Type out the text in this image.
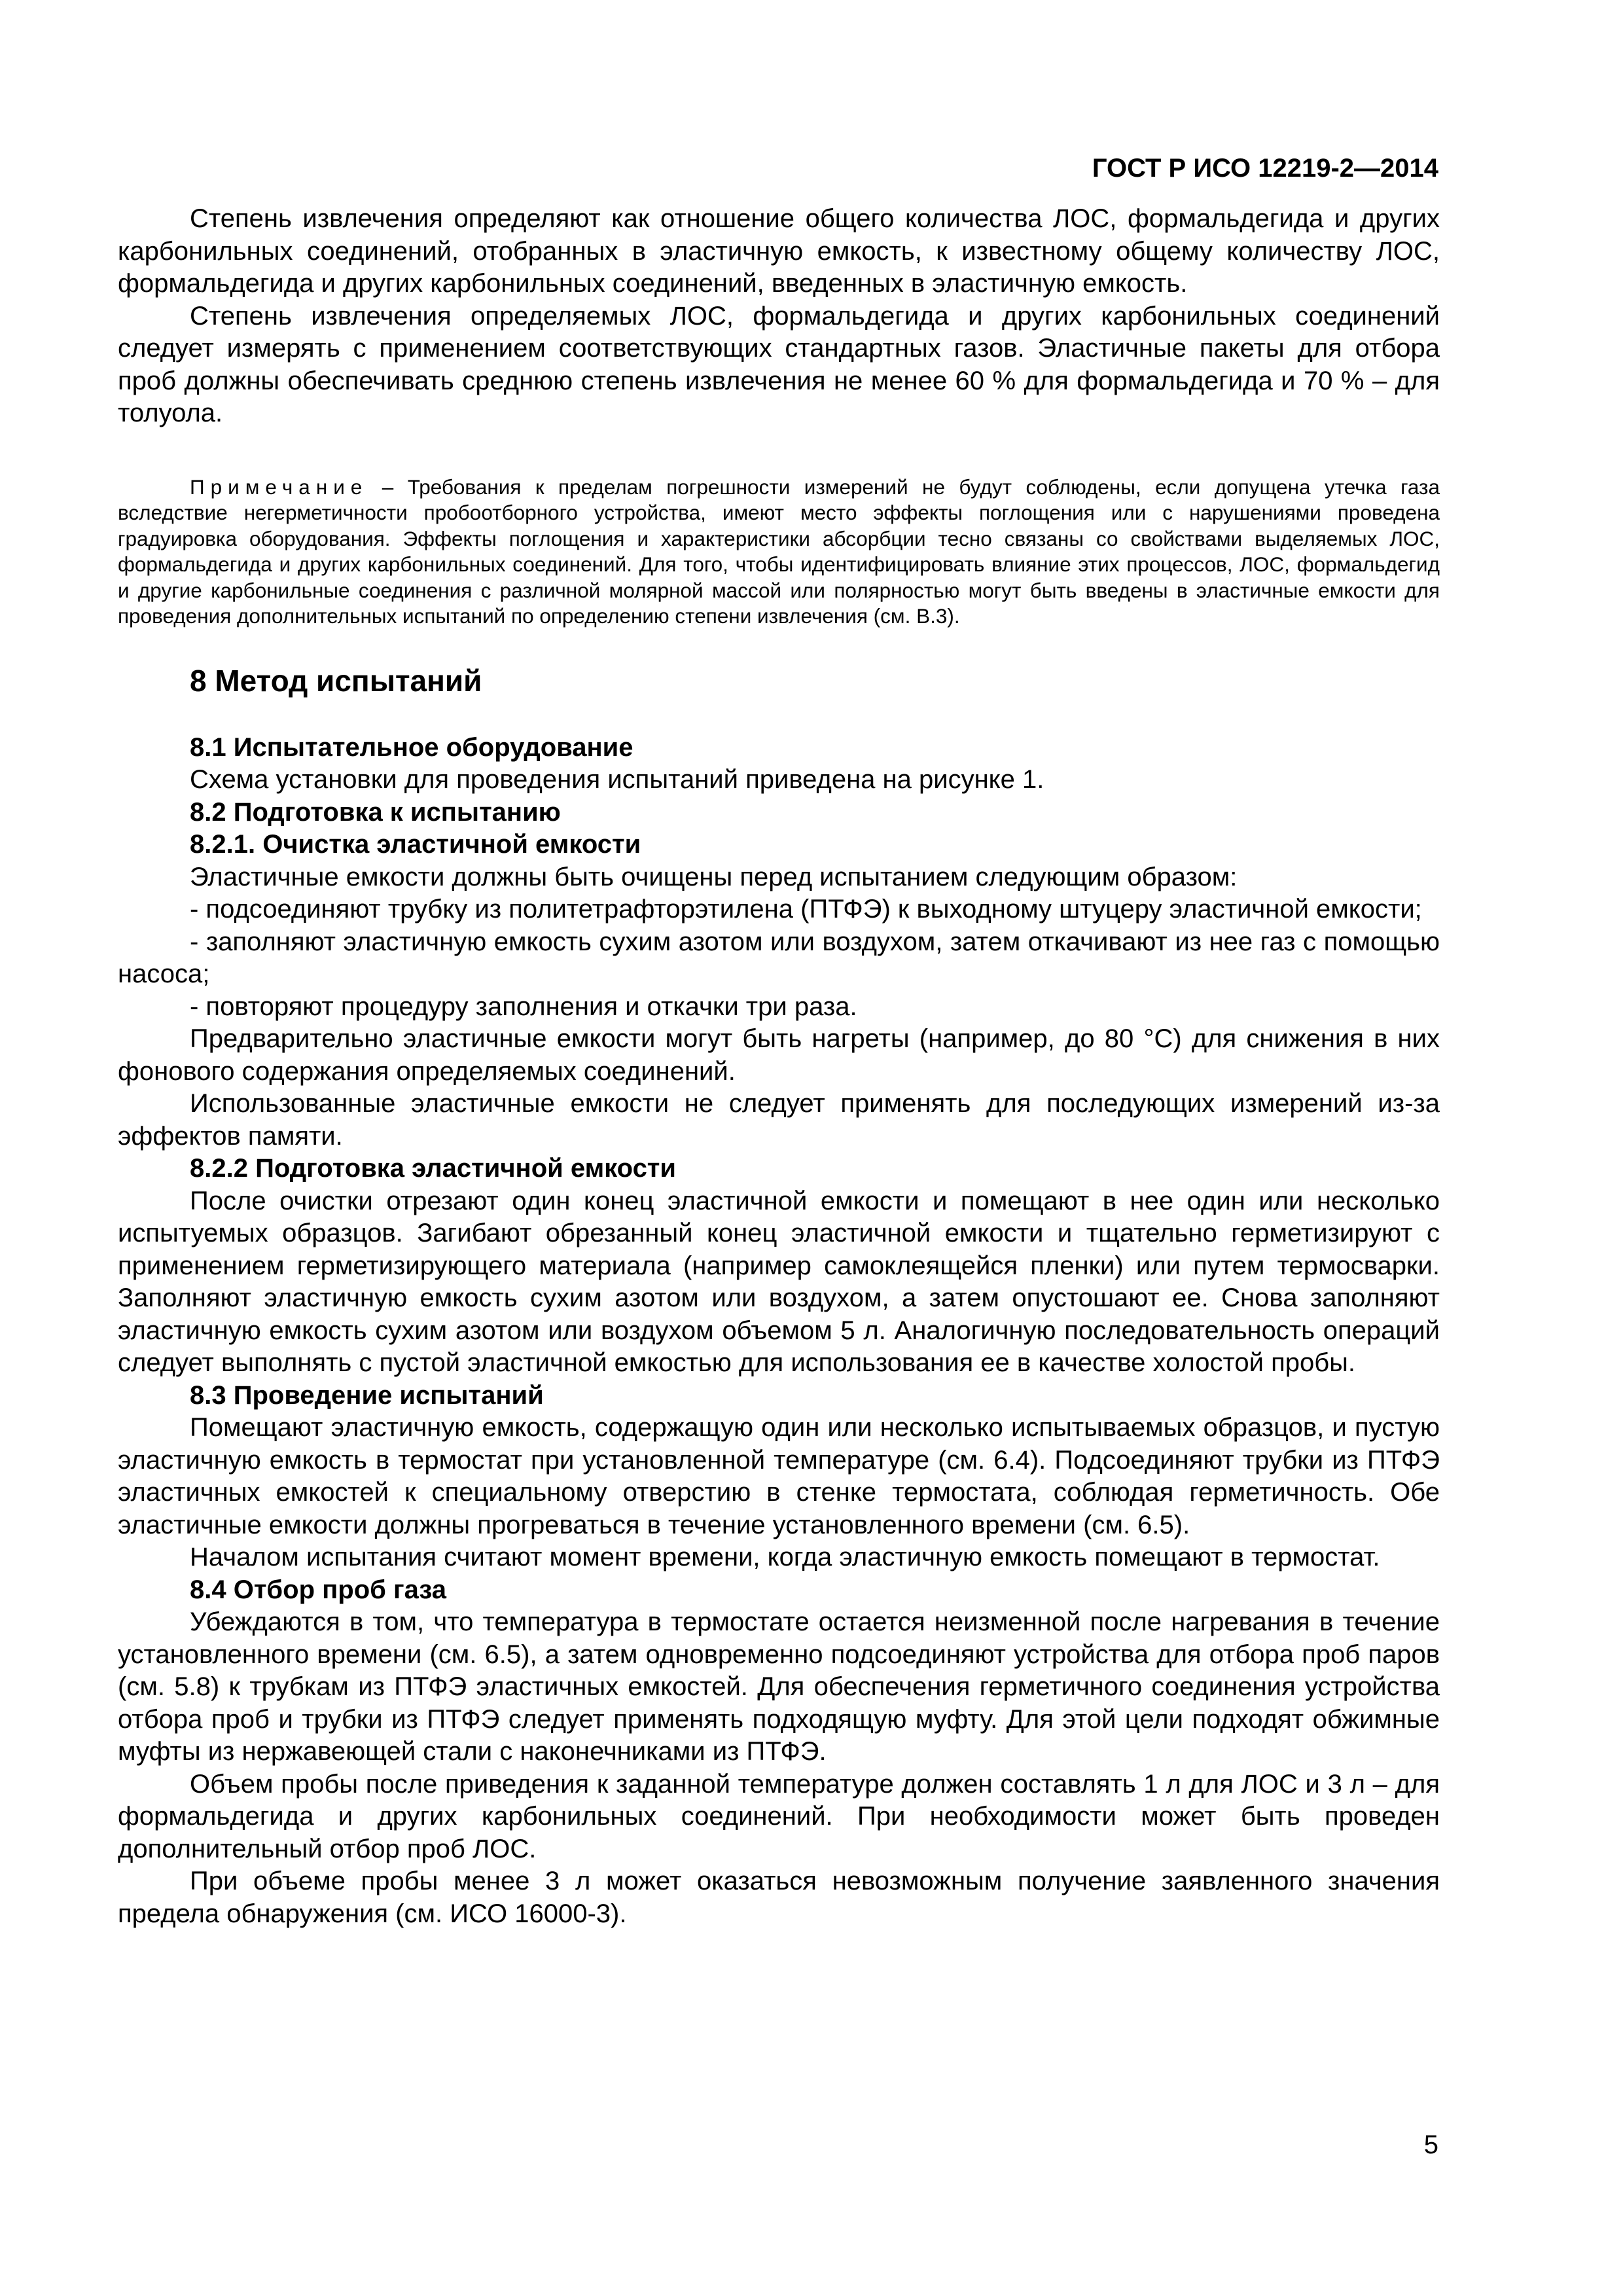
ГОСТ Р ИСО 12219-2—2014

Степень извлечения определяют как отношение общего количества ЛОС, формальдегида и других карбонильных соединений, отобранных в эластичную емкость, к известному общему количеству ЛОС, формальдегида и других карбонильных соединений, введенных в эластичную емкость.

Степень извлечения определяемых ЛОС, формальдегида и других карбонильных соединений следует измерять с применением соответствующих стандартных газов. Эластичные пакеты для отбора проб должны обеспечивать среднюю степень извлечения не менее 60 % для формальдегида и 70 % – для толуола.

Примечание – Требования к пределам погрешности измерений не будут соблюдены, если допущена утечка газа вследствие негерметичности пробоотборного устройства, имеют место эффекты поглощения или с нарушениями проведена градуировка оборудования. Эффекты поглощения и характеристики абсорбции тесно связаны со свойствами выделяемых ЛОС, формальдегида и других карбонильных соединений. Для того, чтобы идентифицировать влияние этих процессов, ЛОС, формальдегид и другие карбонильные соединения с различной молярной массой или полярностью могут быть введены в эластичные емкости для проведения дополнительных испытаний по определению степени извлечения (см. В.3).

8 Метод испытаний
8.1 Испытательное оборудование

Схема установки для проведения испытаний приведена на рисунке 1.

8.2 Подготовка к испытанию
8.2.1. Очистка эластичной емкости

Эластичные емкости должны быть очищены перед испытанием следующим образом:

- подсоединяют трубку из политетрафторэтилена (ПТФЭ) к выходному штуцеру эластичной емкости;

- заполняют эластичную емкость сухим азотом или воздухом, затем откачивают из нее газ с помощью насоса;

- повторяют процедуру заполнения и откачки три раза.

Предварительно эластичные емкости могут быть нагреты (например, до 80 °С) для снижения в них фонового содержания определяемых соединений.

Использованные эластичные емкости не следует применять для последующих измерений из-за эффектов памяти.

8.2.2 Подготовка эластичной емкости

После очистки отрезают один конец эластичной емкости и помещают в нее один или несколько испытуемых образцов. Загибают обрезанный конец эластичной емкости и тщательно герметизируют с применением герметизирующего материала (например самоклеящейся пленки) или путем термосварки. Заполняют эластичную емкость сухим азотом или воздухом, а затем опустошают ее. Снова заполняют эластичную емкость сухим азотом или воздухом объемом 5 л. Аналогичную последовательность операций следует выполнять с пустой эластичной емкостью для использования ее в качестве холостой пробы.

8.3 Проведение испытаний

Помещают эластичную емкость, содержащую один или несколько испытываемых образцов, и пустую эластичную емкость в термостат при установленной температуре (см. 6.4). Подсоединяют трубки из ПТФЭ эластичных емкостей к специальному отверстию в стенке термостата, соблюдая герметичность. Обе эластичные емкости должны прогреваться в течение установленного времени (см. 6.5).

Началом испытания считают момент времени, когда эластичную емкость помещают в термостат.

8.4 Отбор проб газа

Убеждаются в том, что температура в термостате остается неизменной после нагревания в течение установленного времени (см. 6.5), а затем одновременно подсоединяют устройства для отбора проб паров (см. 5.8) к трубкам из ПТФЭ эластичных емкостей. Для обеспечения герметичного соединения устройства отбора проб и трубки из ПТФЭ следует применять подходящую муфту. Для этой цели подходят обжимные муфты из нержавеющей стали с наконечниками из ПТФЭ.

Объем пробы после приведения к заданной температуре должен составлять 1 л для ЛОС и 3 л – для формальдегида и других карбонильных соединений. При необходимости может быть проведен дополнительный отбор проб ЛОС.

При объеме пробы менее 3 л может оказаться невозможным получение заявленного значения предела обнаружения (см. ИСО 16000-3).

5
